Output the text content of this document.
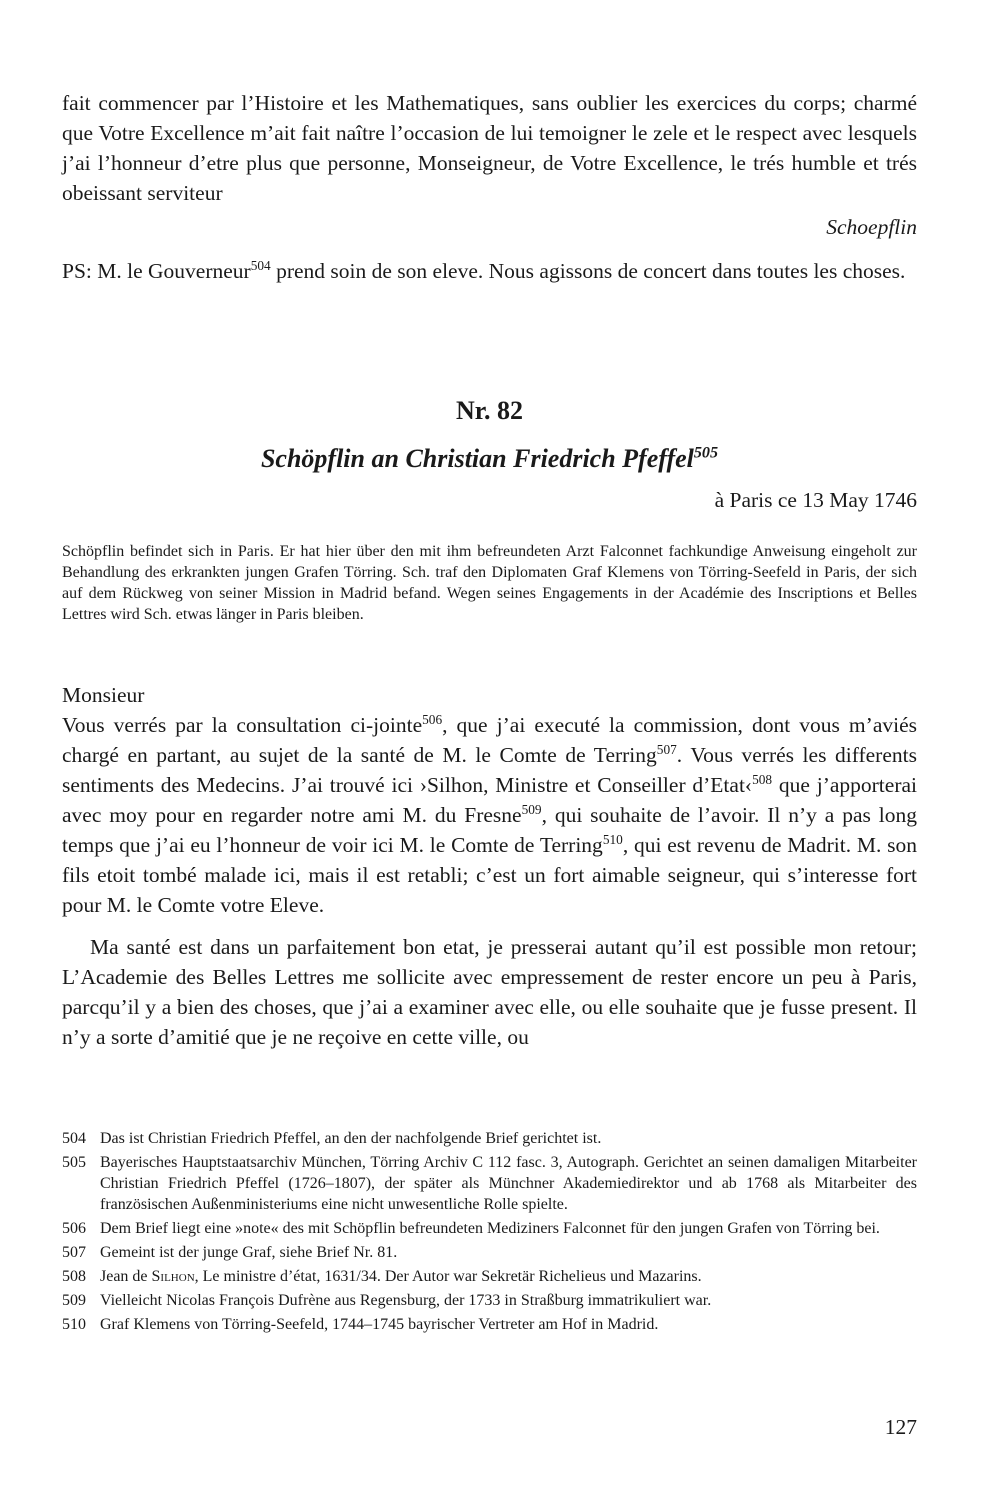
fait commencer par l’Histoire et les Mathematiques, sans oublier les exercices du corps; charmé que Votre Excellence m’ait fait naître l’occasion de lui temoigner le zele et le respect avec lesquels j’ai l’honneur d’etre plus que personne, Monseigneur, de Votre Excellence, le trés humble et trés obeissant serviteur

Schoepflin

PS: M. le Gouverneur$^{504}$ prend soin de son eleve. Nous agissons de concert dans toutes les choses.

Nr. 82
Schöpflin an Christian Friedrich Pfeffel$^{505}$

à Paris ce 13 May 1746

Schöpflin befindet sich in Paris. Er hat hier über den mit ihm befreundeten Arzt Falconnet fachkundige Anweisung eingeholt zur Behandlung des erkrankten jungen Grafen Törring. Sch. traf den Diplomaten Graf Klemens von Törring-Seefeld in Paris, der sich auf dem Rückweg von seiner Mission in Madrid befand. Wegen seines Engagements in der Académie des Inscriptions et Belles Lettres wird Sch. etwas länger in Paris bleiben.

Monsieur

Vous verrés par la consultation ci-jointe$^{506}$, que j’ai executé la commission, dont vous m’aviés chargé en partant, au sujet de la santé de M. le Comte de Terring$^{507}$. Vous verrés les differents sentiments des Medecins. J’ai trouvé ici ›Silhon, Ministre et Conseiller d’Etat‹$^{508}$ que j’apporterai avec moy pour en regarder notre ami M. du Fresne$^{509}$, qui souhaite de l’avoir. Il n’y a pas long temps que j’ai eu l’honneur de voir ici M. le Comte de Terring$^{510}$, qui est revenu de Madrit. M. son fils etoit tombé malade ici, mais il est retabli; c’est un fort aimable seigneur, qui s’interesse fort pour M. le Comte votre Eleve.

Ma santé est dans un parfaitement bon etat, je presserai autant qu’il est possible mon retour; L’Academie des Belles Lettres me sollicite avec empressement de rester encore un peu à Paris, parcqu’il y a bien des choses, que j’ai a examiner avec elle, ou elle souhaite que je fusse present. Il n’y a sorte d’amitié que je ne reçoive en cette ville, ou

504 Das ist Christian Friedrich Pfeffel, an den der nachfolgende Brief gerichtet ist.
505 Bayerisches Hauptstaatsarchiv München, Törring Archiv C 112 fasc. 3, Autograph. Gerichtet an seinen damaligen Mitarbeiter Christian Friedrich Pfeffel (1726–1807), der später als Münchner Akademiedirektor und ab 1768 als Mitarbeiter des französischen Außenministeriums eine nicht unwesentliche Rolle spielte.
506 Dem Brief liegt eine »note« des mit Schöpflin befreundeten Mediziners Falconnet für den jungen Grafen von Törring bei.
507 Gemeint ist der junge Graf, siehe Brief Nr. 81.
508 Jean de Silhon, Le ministre d’état, 1631/34. Der Autor war Sekretär Richelieus und Mazarins.
509 Vielleicht Nicolas François Dufrène aus Regensburg, der 1733 in Straßburg immatrikuliert war.
510 Graf Klemens von Törring-Seefeld, 1744–1745 bayrischer Vertreter am Hof in Madrid.
127
